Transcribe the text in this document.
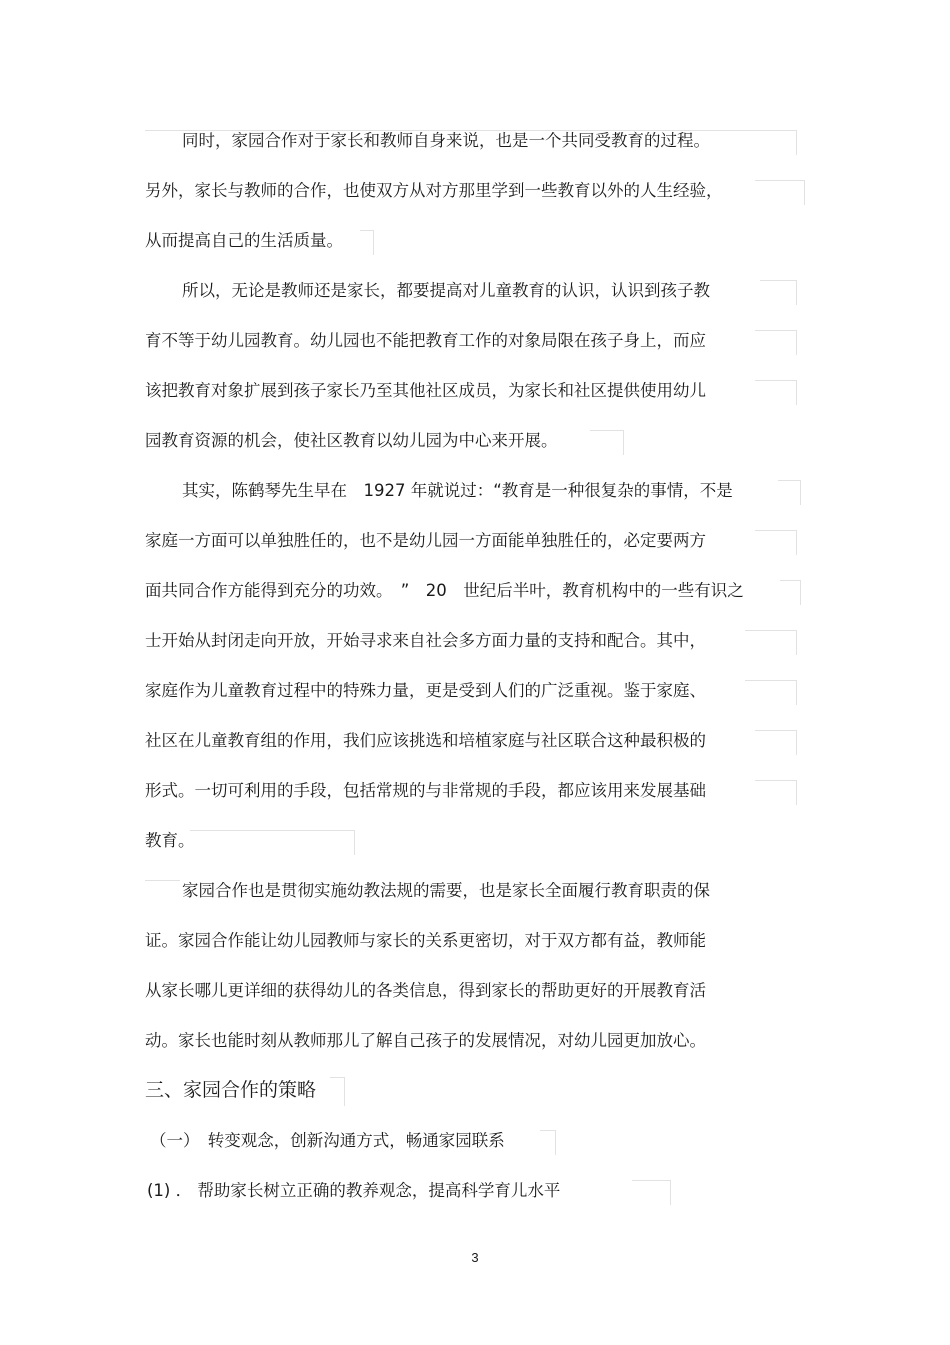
同时，家园合作对于家长和教师自身来说，也是一个共同受教育的过程。
另外，家长与教师的合作，也使双方从对方那里学到一些教育以外的人生经验，
从而提高自己的生活质量。
所以，无论是教师还是家长，都要提高对儿童教育的认识，认识到孩子教
育不等于幼儿园教育。幼儿园也不能把教育工作的对象局限在孩子身上，而应
该把教育对象扩展到孩子家长乃至其他社区成员，为家长和社区提供使用幼儿
园教育资源的机会，使社区教育以幼儿园为中心来开展。
其实，陈鹤琴先生早在　1927 年就说过：“教育是一种很复杂的事情，不是
家庭一方面可以单独胜任的，也不是幼儿园一方面能单独胜任的，必定要两方
面共同合作方能得到充分的功效。　”　20　世纪后半叶，教育机构中的一些有识之
士开始从封闭走向开放，开始寻求来自社会多方面力量的支持和配合。其中，
家庭作为儿童教育过程中的特殊力量，更是受到人们的广泛重视。鉴于家庭、
社区在儿童教育组的作用，我们应该挑选和培植家庭与社区联合这种最积极的
形式。一切可利用的手段，包括常规的与非常规的手段，都应该用来发展基础
教育。
家园合作也是贯彻实施幼教法规的需要，也是家长全面履行教育职责的保
证。家园合作能让幼儿园教师与家长的关系更密切，对于双方都有益，教师能
从家长哪儿更详细的获得幼儿的各类信息，得到家长的帮助更好的开展教育活
动。家长也能时刻从教师那儿了解自己孩子的发展情况，对幼儿园更加放心。
三、家园合作的策略
（一）　转变观念，创新沟通方式，畅通家园联系
(1) ． 帮助家长树立正确的教养观念，提高科学育儿水平
3
